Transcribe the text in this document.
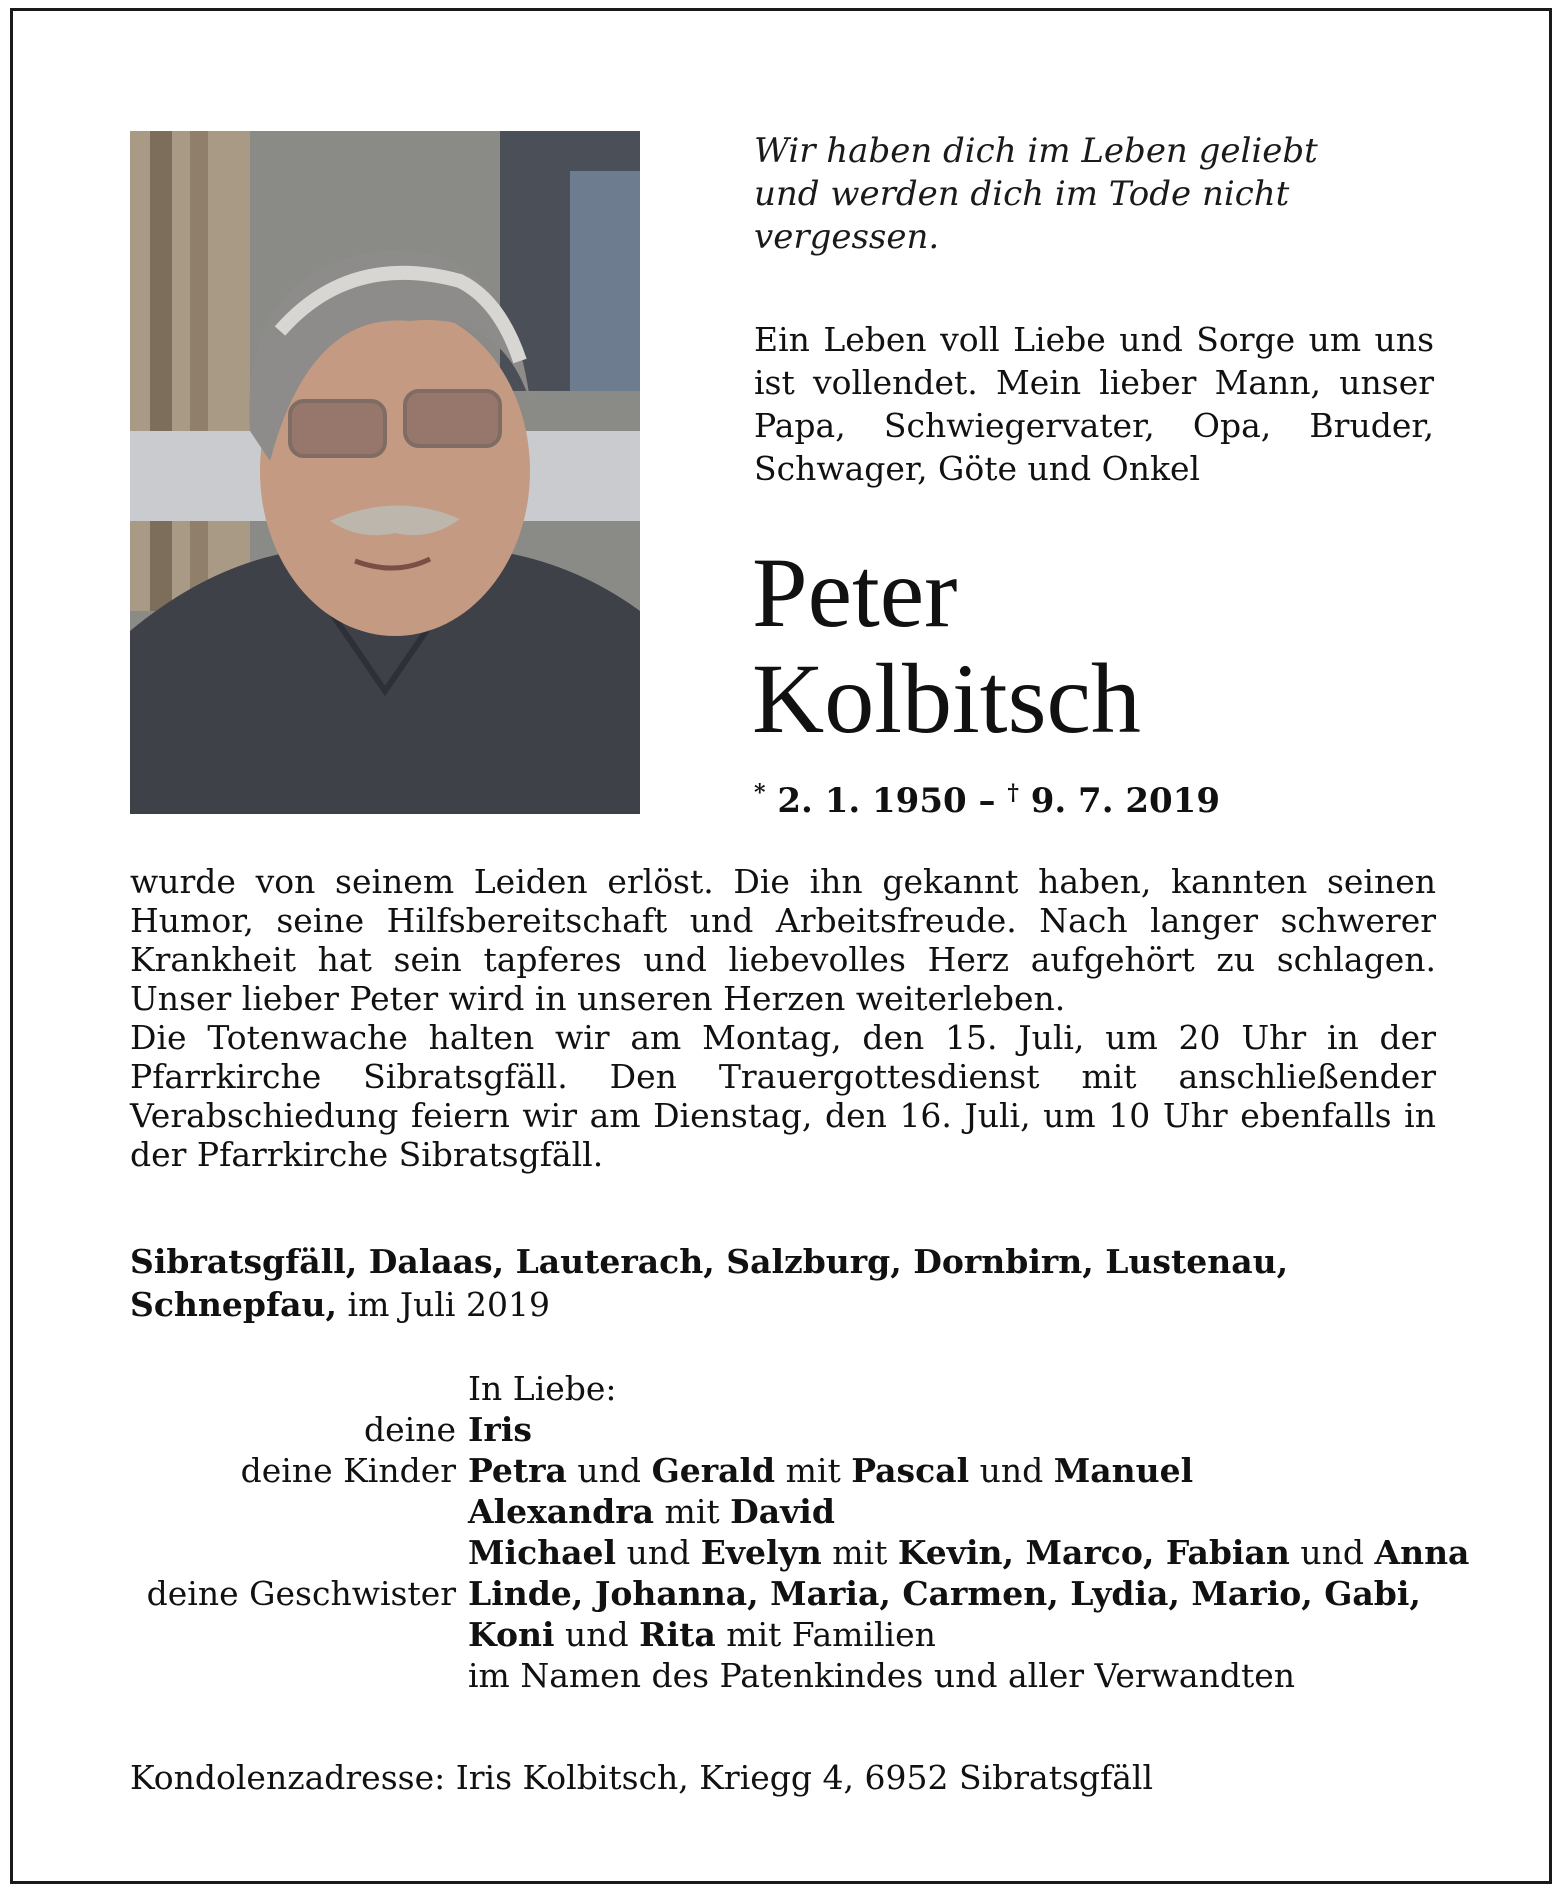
Wir haben dich im Leben geliebt
und werden dich im Tode nicht vergessen.
Ein Leben voll Liebe und Sorge um uns ist vollendet. Mein lieber Mann, unser Papa, Schwiegervater, Opa, Bruder, Schwager, Göte und Onkel
Peter
Kolbitsch
* 2. 1. 1950 – † 9. 7. 2019

wurde von seinem Leiden erlöst. Die ihn gekannt haben, kannten seinen Humor, seine Hilfsbereitschaft und Arbeitsfreude. Nach langer schwerer Krankheit hat sein tapferes und liebevolles Herz aufgehört zu schlagen. Unser lieber Peter wird in unseren Herzen weiterleben.

Die Totenwache halten wir am Montag, den 15. Juli, um 20 Uhr in der Pfarrkirche Sibratsgfäll. Den Trauergottesdienst mit anschließender Verabschiedung feiern wir am Dienstag, den 16. Juli, um 10 Uhr ebenfalls in der Pfarrkirche Sibratsgfäll.

Sibratsgfäll, Dalaas, Lauterach, Salzburg, Dornbirn, Lustenau, Schnepfau, im Juli 2019
In Liebe:
deine Iris
deine Kinder Petra und Gerald mit Pascal und Manuel
Alexandra mit David
Michael und Evelyn mit Kevin, Marco, Fabian und Anna
deine Geschwister Linde, Johanna, Maria, Carmen, Lydia, Mario, Gabi,
Koni und Rita mit Familien
im Namen des Patenkindes und aller Verwandten
Kondolenzadresse: Iris Kolbitsch, Kriegg 4, 6952 Sibratsgfäll
